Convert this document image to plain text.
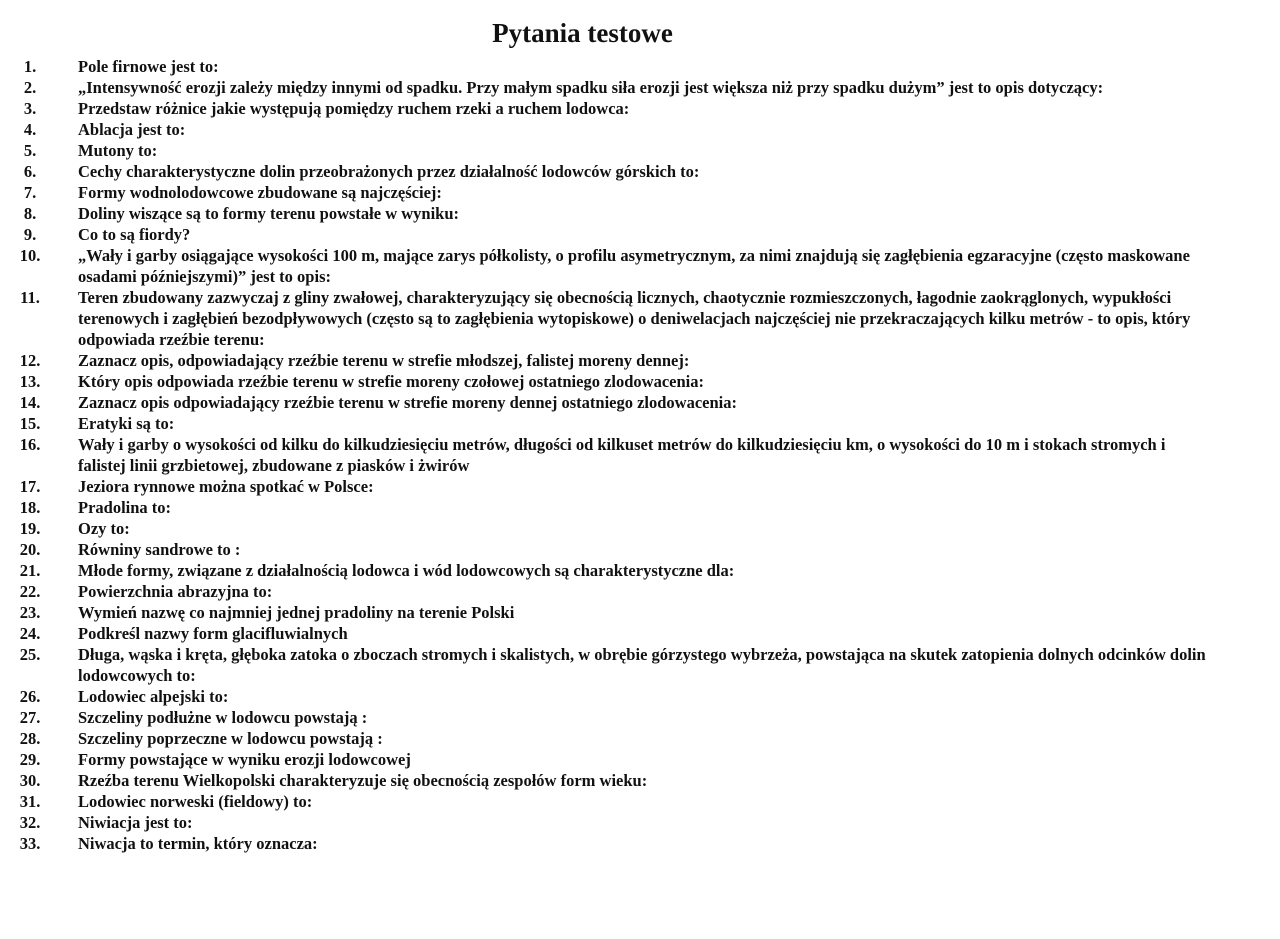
Pytania testowe
1.	Pole firnowe jest to:
2.	„Intensywność erozji zależy między innymi od spadku. Przy małym spadku siła erozji jest większa niż przy spadku dużym” jest to opis dotyczący:
3.	Przedstaw różnice jakie występują pomiędzy ruchem rzeki a ruchem lodowca:
4.	Ablacja jest to:
5.	Mutony to:
6.	Cechy charakterystyczne dolin przeobrażonych przez działalność lodowców górskich to:
7.	Formy wodnolodowcowe zbudowane są najczęściej:
8.	Doliny wiszące są to formy terenu powstałe w wyniku:
9.	Co to są fiordy?
10.	„Wały i garby osiągające wysokości 100 m, mające zarys półkolisty, o profilu asymetrycznym, za nimi znajdują się zagłębienia egzaracyjne (często maskowane osadami późniejszymi)” jest to opis:
11.	Teren zbudowany zazwyczaj z gliny zwałowej, charakteryzujący się obecnością licznych, chaotycznie rozmieszczonych, łagodnie zaokrąglonych, wypukłości terenowych i zagłębień bezodpływowych (często są to zagłębienia wytopiskowe) o deniwelacjach najczęściej nie przekraczających kilku metrów - to opis, który odpowiada rzeźbie terenu:
12.	Zaznacz opis, odpowiadający rzeźbie terenu w strefie młodszej, falistej moreny dennej:
13.	Który opis odpowiada rzeźbie terenu w strefie moreny czołowej ostatniego zlodowacenia:
14.	Zaznacz opis odpowiadający rzeźbie terenu w strefie moreny dennej ostatniego zlodowacenia:
15.	Eratyki są to:
16.	Wały i garby o wysokości od kilku do kilkudziesięciu metrów, długości od kilkuset metrów do kilkudziesięciu km, o wysokości do 10 m i stokach stromych i falistej linii grzbietowej, zbudowane z piasków i żwirów
17.	Jeziora rynnowe można spotkać w Polsce:
18.	Pradolina to:
19.	Ozy to:
20.	Równiny sandrowe to :
21.	Młode formy, związane z działalnością lodowca i wód lodowcowych są charakterystyczne dla:
22.	Powierzchnia abrazyjna to:
23.	Wymień nazwę co najmniej jednej pradoliny na terenie Polski
24.	Podkreśl nazwy form glacifluwialnych
25.	Długa, wąska i kręta, głęboka zatoka o zboczach stromych i skalistych, w obrębie górzystego wybrzeża, powstająca na skutek zatopienia dolnych odcinków dolin lodowcowych to:
26.	Lodowiec alpejski to:
27.	Szczeliny podłużne w lodowcu powstają :
28.	Szczeliny poprzeczne w lodowcu powstają :
29.	Formy powstające w wyniku erozji lodowcowej
30.	Rzeźba terenu Wielkopolski charakteryzuje się obecnością zespołów form wieku:
31.	Lodowiec norweski (fieldowy) to:
32.	Niwiacja jest to:
33.	Niwacja to termin, który oznacza:
